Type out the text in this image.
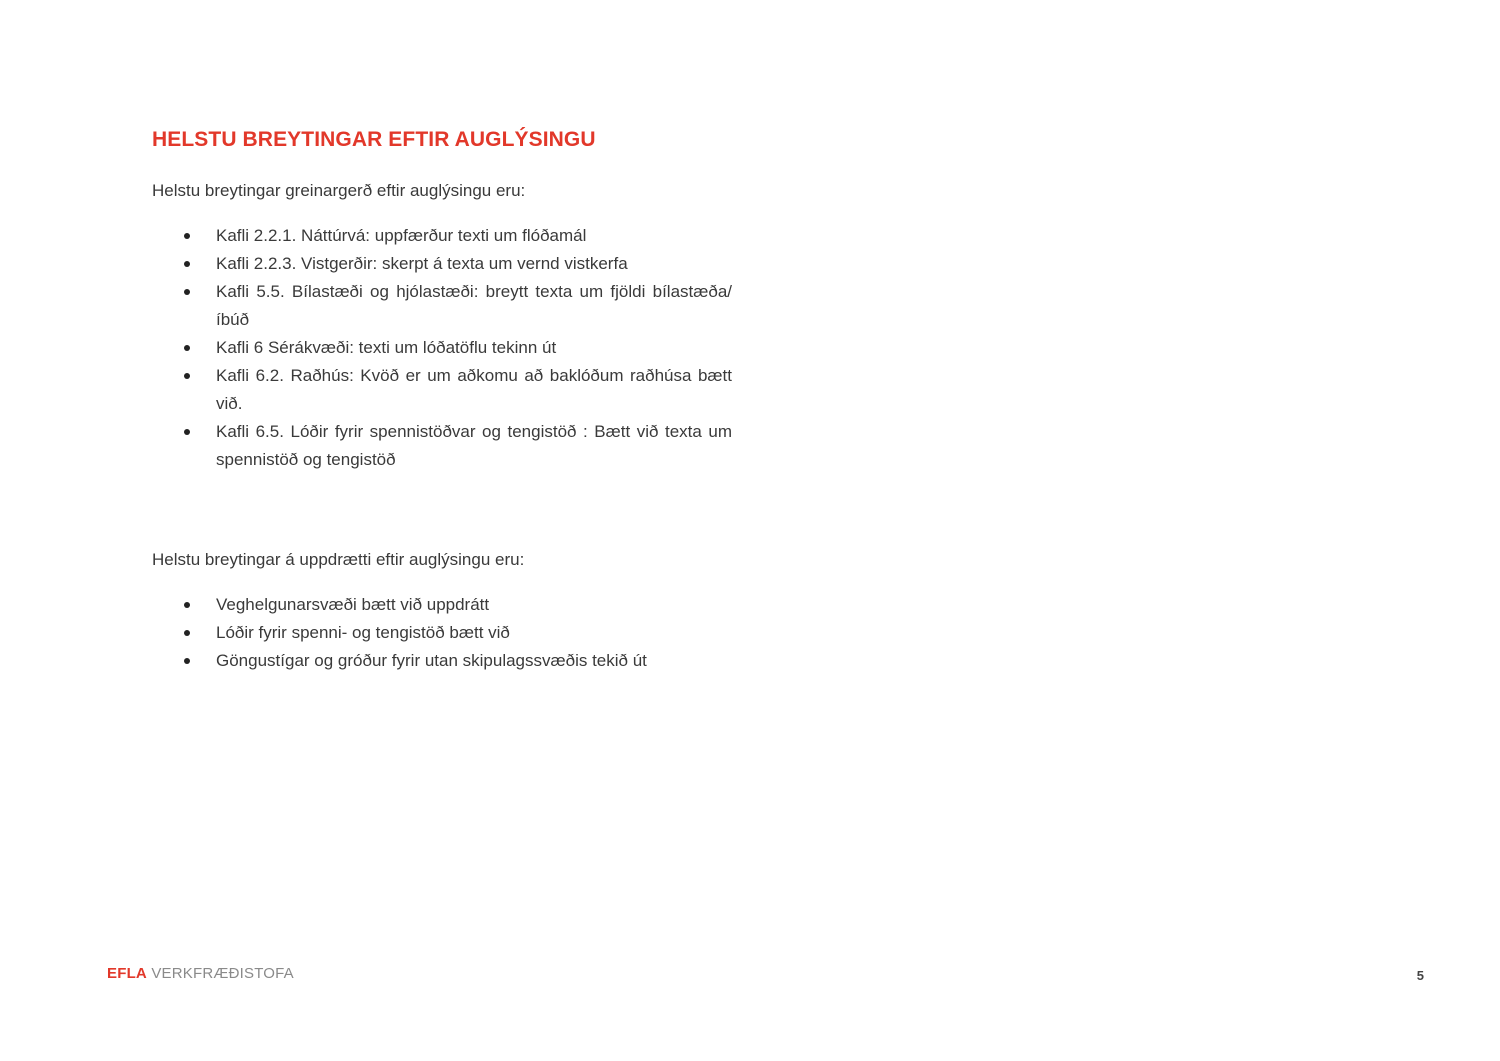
HELSTU BREYTINGAR EFTIR AUGLÝSINGU
Helstu breytingar greinargerð eftir auglýsingu eru:
Kafli 2.2.1. Náttúrvá: uppfærður texti um flóðamál
Kafli 2.2.3. Vistgerðir: skerpt á texta um vernd vistkerfa
Kafli 5.5. Bílastæði og hjólastæði: breytt texta um fjöldi bílastæða/íbúð
Kafli 6 Sérákvæði: texti um lóðatöflu tekinn út
Kafli 6.2. Raðhús: Kvöð er um aðkomu að baklóðum raðhúsa bætt við.
Kafli 6.5. Lóðir fyrir spennistöðvar og tengistöð : Bætt við texta um spennistöð og tengistöð
Helstu breytingar á uppdrætti eftir auglýsingu eru:
Veghelgunarsvæði bætt við uppdrátt
Lóðir fyrir spenni- og tengistöð bætt við
Göngustígar og gróður fyrir utan skipulagssvæðis tekið út
EFLA VERKFRÆÐISTOFA	5
